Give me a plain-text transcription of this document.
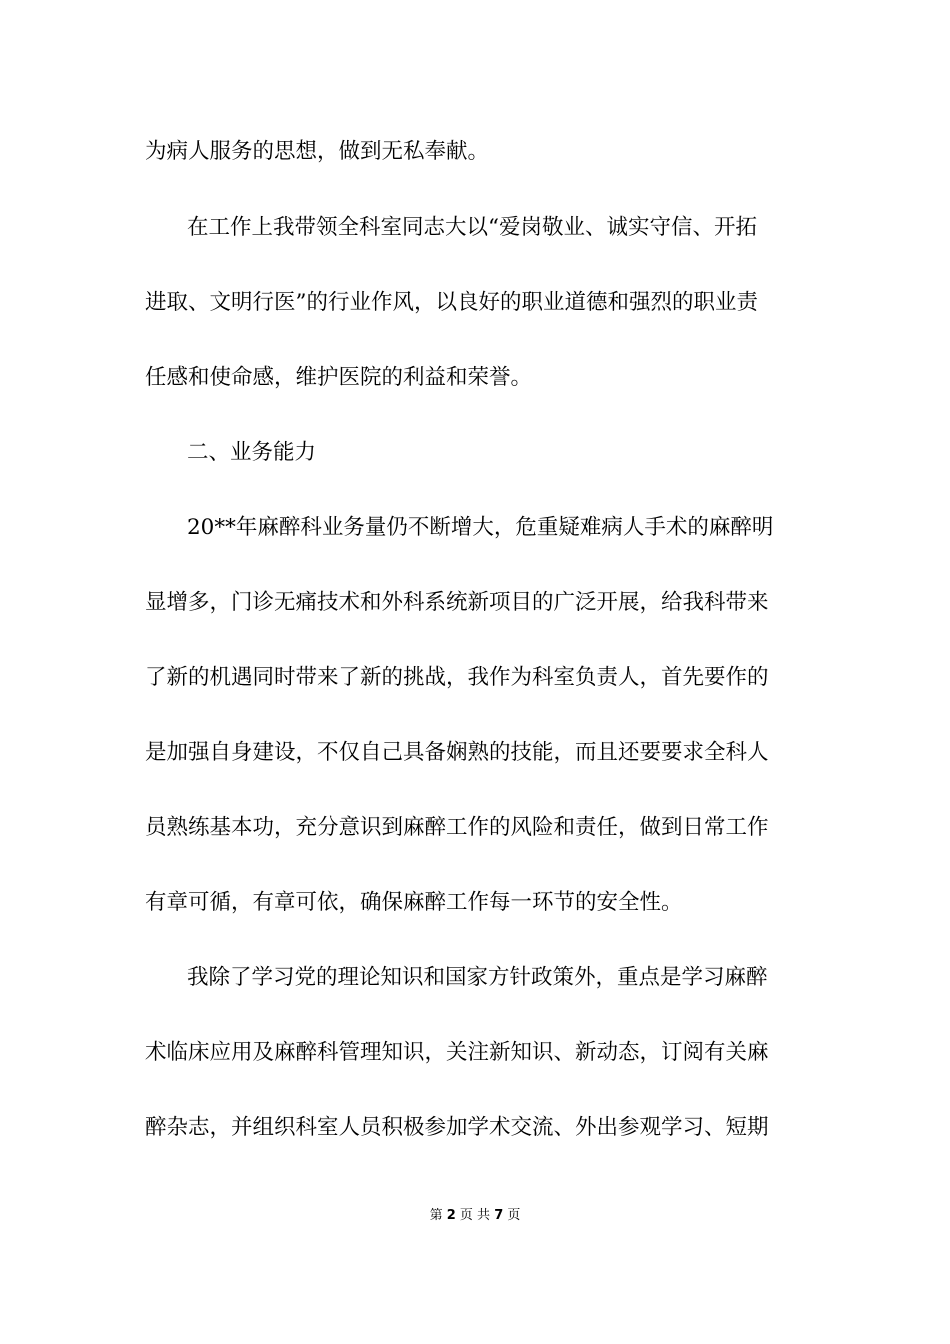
为病人服务的思想，做到无私奉献。
在工作上我带领全科室同志大以“爱岗敬业、诚实守信、开拓
进取、文明行医”的行业作风，以良好的职业道德和强烈的职业责
任感和使命感，维护医院的利益和荣誉。
二、业务能力
20**年麻醉科业务量仍不断增大，危重疑难病人手术的麻醉明
显增多，门诊无痛技术和外科系统新项目的广泛开展，给我科带来
了新的机遇同时带来了新的挑战，我作为科室负责人，首先要作的
是加强自身建设，不仅自己具备娴熟的技能，而且还要要求全科人
员熟练基本功，充分意识到麻醉工作的风险和责任，做到日常工作
有章可循，有章可依，确保麻醉工作每一环节的安全性。
我除了学习党的理论知识和国家方针政策外，重点是学习麻醉
术临床应用及麻醉科管理知识，关注新知识、新动态，订阅有关麻
醉杂志，并组织科室人员积极参加学术交流、外出参观学习、短期
第 2 页 共 7 页
